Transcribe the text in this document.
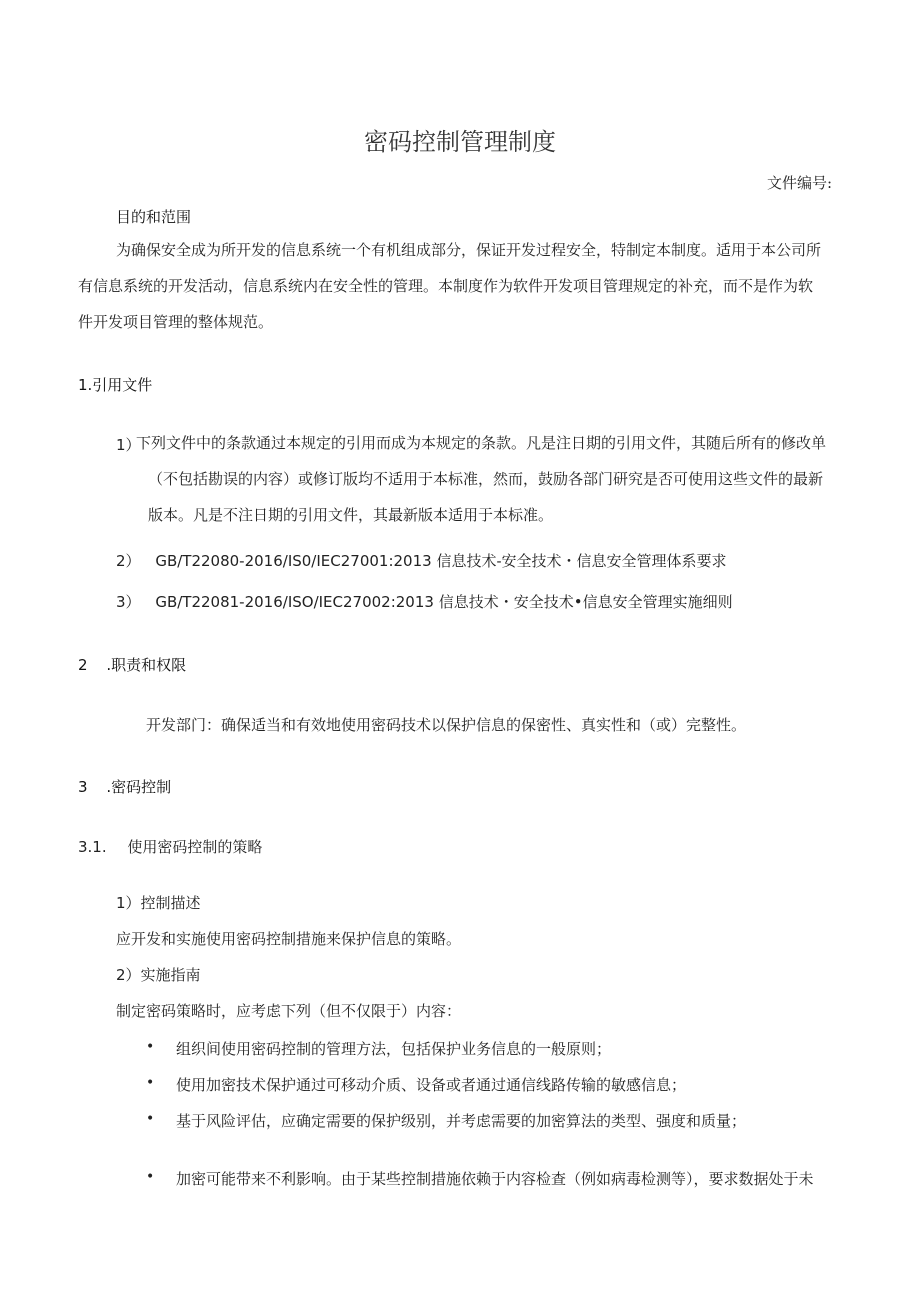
密码控制管理制度
文件编号:
目的和范围
为确保安全成为所开发的信息系统一个有机组成部分，保证开发过程安全，特制定本制度。适用于本公司所
有信息系统的开发活动，信息系统内在安全性的管理。本制度作为软件开发项目管理规定的补充，而不是作为软
件开发项目管理的整体规范。
1.引用文件
1）
下列文件中的条款通过本规定的引用而成为本规定的条款。凡是注日期的引用文件，其随后所有的修改单
（不包括勘误的内容）或修订版均不适用于本标准，然而，鼓励各部门研究是否可使用这些文件的最新
版本。凡是不注日期的引用文件，其最新版本适用于本标准。
2） GB/T22080-2016/IS0/IEC27001:2013 信息技术-安全技术・信息安全管理体系要求
3） GB/T22081-2016/ISO/IEC27002:2013 信息技术・安全技术•信息安全管理实施细则
2 .职责和权限
开发部门：确保适当和有效地使用密码技术以保护信息的保密性、真实性和（或）完整性。
3 .密码控制
3.1. 使用密码控制的策略
1）控制描述
应开发和实施使用密码控制措施来保护信息的策略。
2）实施指南
制定密码策略时，应考虑下列（但不仅限于）内容：
• 组织间使用密码控制的管理方法，包括保护业务信息的一般原则；
• 使用加密技术保护通过可移动介质、设备或者通过通信线路传输的敏感信息；
• 基于风险评估，应确定需要的保护级别，并考虑需要的加密算法的类型、强度和质量；
• 加密可能带来不利影响。由于某些控制措施依赖于内容检查（例如病毒检测等），要求数据处于未
